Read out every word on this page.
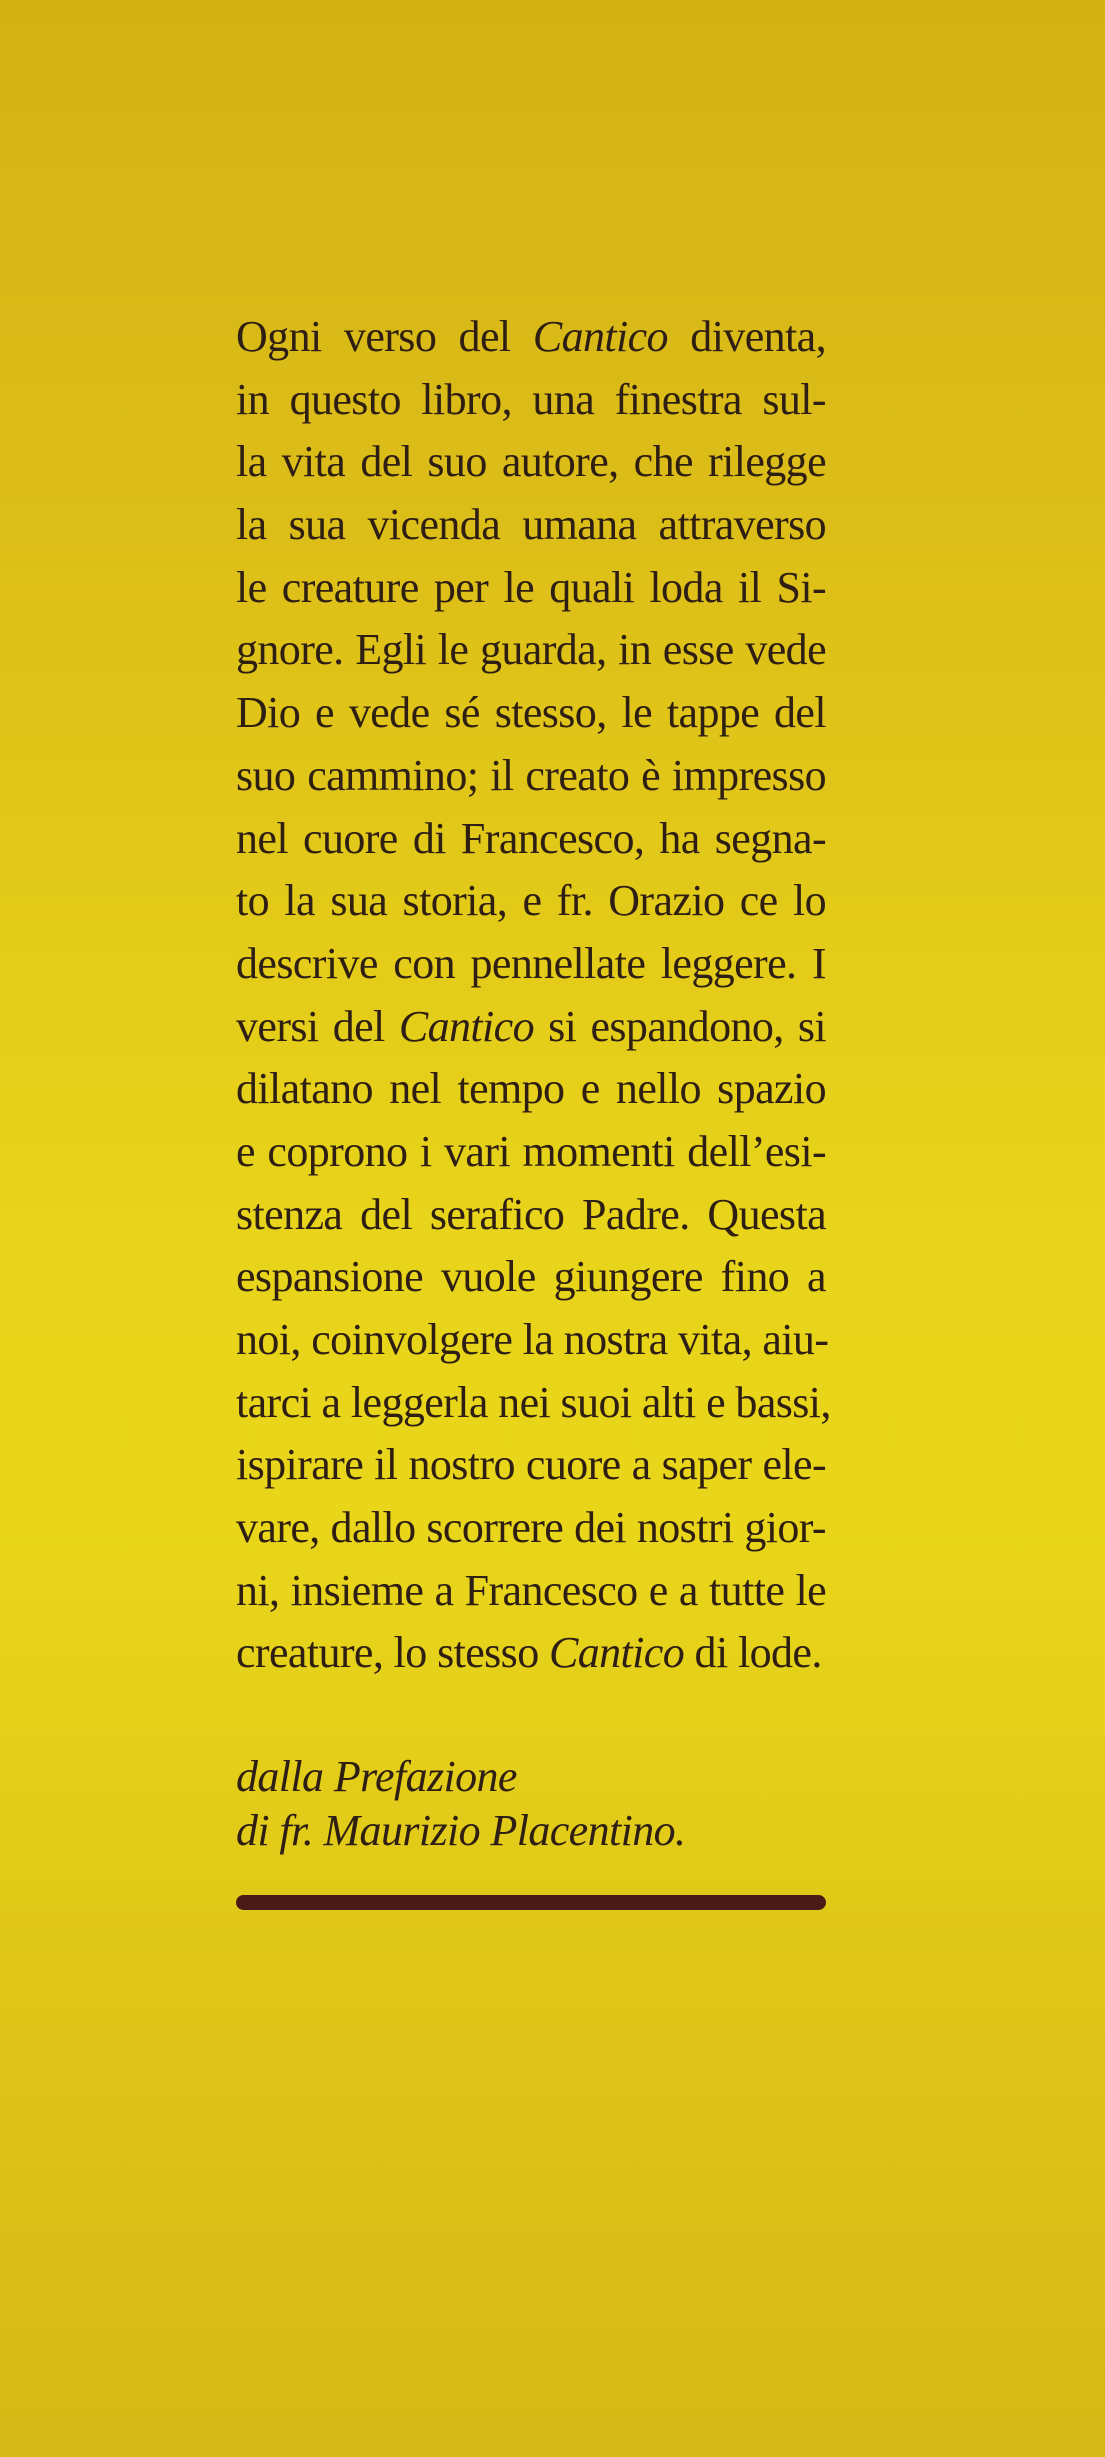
Ogni verso del Cantico diventa,
in questo libro, una finestra sul-
la vita del suo autore, che rilegge
la sua vicenda umana attraverso
le creature per le quali loda il Si-
gnore. Egli le guarda, in esse vede
Dio e vede sé stesso, le tappe del
suo cammino; il creato è impresso
nel cuore di Francesco, ha segna-
to la sua storia, e fr. Orazio ce lo
descrive con pennellate leggere. I
versi del Cantico si espandono, si
dilatano nel tempo e nello spazio
e coprono i vari momenti dell’esi-
stenza del serafico Padre. Questa
espansione vuole giungere fino a
noi, coinvolgere la nostra vita, aiu-
tarci a leggerla nei suoi alti e bassi,
ispirare il nostro cuore a saper ele-
vare, dallo scorrere dei nostri gior-
ni, insieme a Francesco e a tutte le
creature, lo stesso Cantico di lode.
dalla Prefazione
di fr. Maurizio Placentino.
